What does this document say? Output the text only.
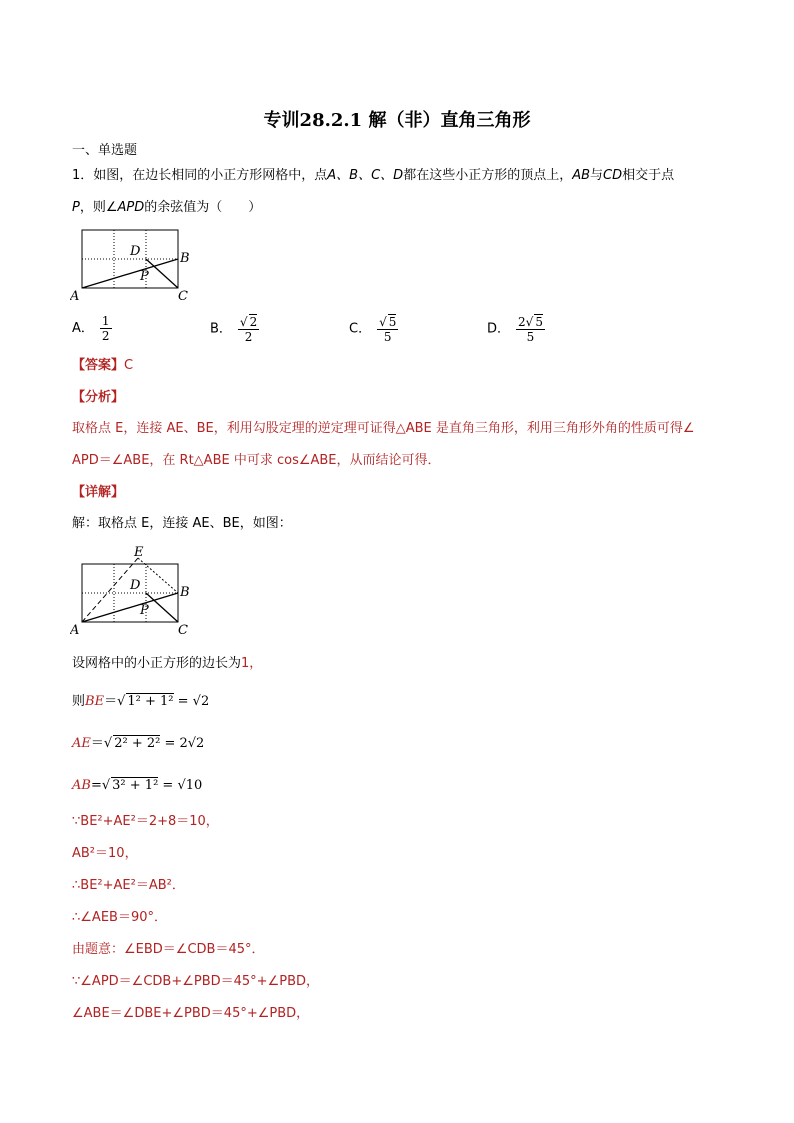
专训28.2.1 解（非）直角三角形
一、单选题
1．如图，在边长相同的小正方形网格中，点A、B、C、D都在这些小正方形的顶点上，AB与CD相交于点
P，则∠APD的余弦值为（　　）
A
B
C
D
P
A． $\frac{1}{2}$	B． $\frac{√ 2}{2}$	C． $\frac{√ 5}{5}$	D． $\frac{2√ 5}{5}$
【答案】C
【分析】
取格点 E，连接 AE、BE，利用勾股定理的逆定理可证得△ABE 是直角三角形，利用三角形外角的性质可得∠
APD＝∠ABE，在 Rt△ABE 中可求 cos∠ABE，从而结论可得．
【详解】
解：取格点 E，连接 AE、BE，如图：
E
A
B
C
D
P
设网格中的小正方形的边长为1，
则BE＝√ 1² + 1² = √2
AE＝√ 2² + 2² = 2√2
AB=√ 3² + 1² = √10
∵BE²+AE²＝2+8＝10，
AB²＝10，
∴BE²+AE²＝AB²．
∴∠AEB＝90°．
由题意：∠EBD＝∠CDB＝45°．
∵∠APD＝∠CDB+∠PBD＝45°+∠PBD，
∠ABE＝∠DBE+∠PBD＝45°+∠PBD，
